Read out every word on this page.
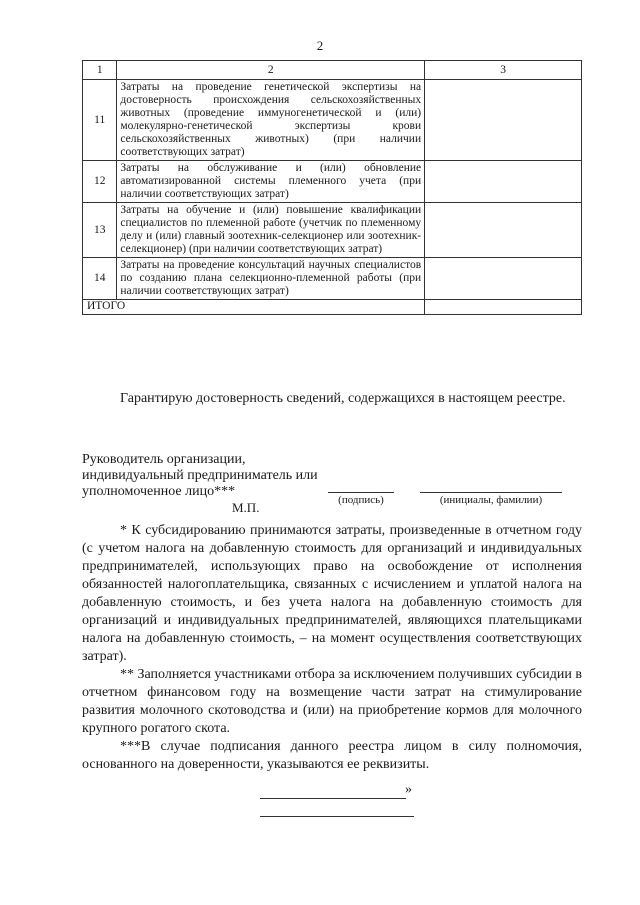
2
1	2	3
11	Затраты на проведение генетической экспертизы на достоверность происхождения сельскохозяйственных животных (проведение иммуногенетической и (или) молекулярно-генетической экспертизы крови сельскохозяйственных животных) (при наличии соответствующих затрат)	
12	Затраты на обслуживание и (или) обновление автоматизированной системы племенного учета (при наличии соответствующих затрат)	
13	Затраты на обучение и (или) повышение квалификации специалистов по племенной работе (учетчик по племенному делу и (или) главный зоотехник-селекционер или зоотехник-селекционер) (при наличии соответствующих затрат)	
14	Затраты на проведение консультаций научных специалистов по созданию плана селекционно-племенной работы (при наличии соответствующих затрат)	
ИТОГО		
Гарантирую достоверность сведений, содержащихся в настоящем реестре.
Руководитель организации,
индивидуальный предприниматель или
уполномоченное лицо***
М.П.	(подпись)	(инициалы, фамилии)

* К субсидированию принимаются затраты, произведенные в отчетном году (с учетом налога на добавленную стоимость для организаций и индивидуальных предпринимателей, использующих право на освобождение от исполнения обязанностей налогоплательщика, связанных с исчислением и уплатой налога на добавленную стоимость, и без учета налога на добавленную стоимость для организаций и индивидуальных предпринимателей, являющихся плательщиками налога на добавленную стоимость, – на момент осуществления соответствующих затрат).

** Заполняется участниками отбора за исключением получивших субсидии в отчетном финансовом году на возмещение части затрат на стимулирование развития молочного скотоводства и (или) на приобретение кормов для молочного крупного рогатого скота.

***В случае подписания данного реестра лицом в силу полномочия, основанного на доверенности, указываются ее реквизиты.

»
